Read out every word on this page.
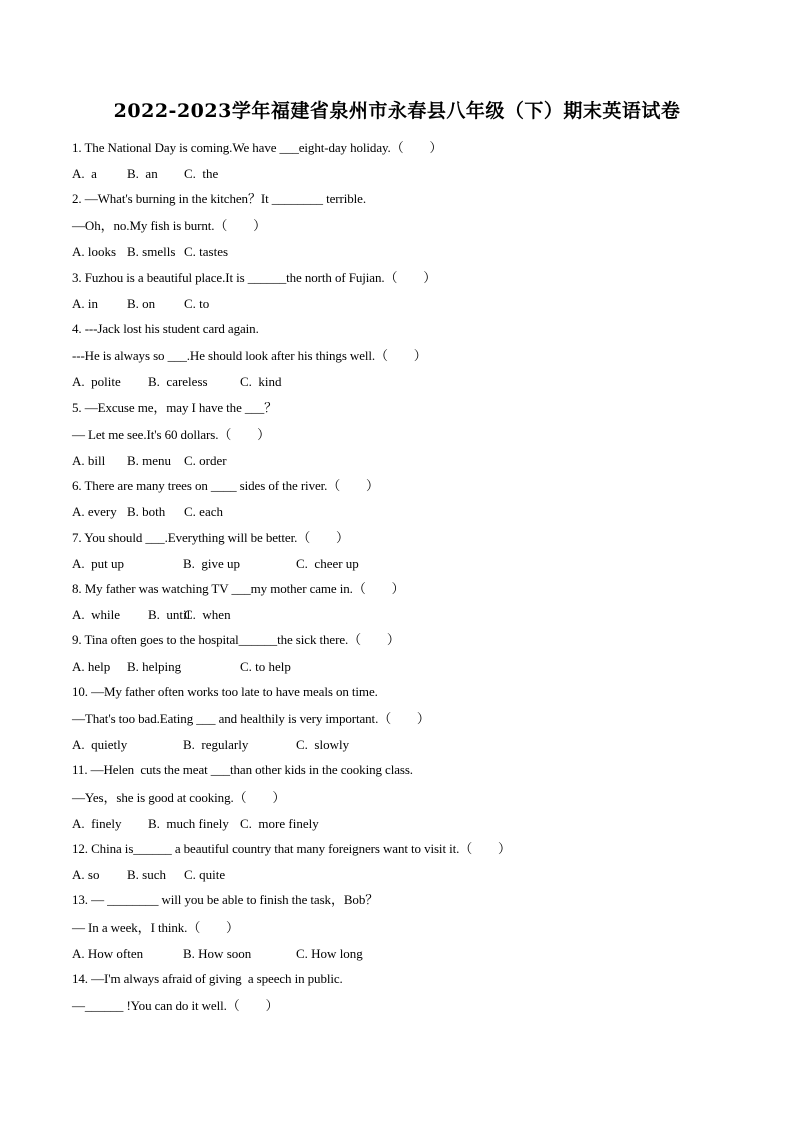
2022-2023学年福建省泉州市永春县八年级（下）期末英语试卷
1. The National Day is coming.We have ___eight-day holiday.（　　）
A.  a B.  an C.  the
2. —What's burning in the kitchen？It ________ terrible.
—Oh，no.My fish is burnt.（　　）
A. looks B. smells C. tastes
3. Fuzhou is a beautiful place.It is ______the north of Fujian.（　　）
A. in B. on C. to
4. ---Jack lost his student card again.
---He is always so ___.He should look after his things well.（　　）
A.  polite B.  careless C.  kind
5. —Excuse me，may I have the ___？
— Let me see.It's 60 dollars.（　　）
A. bill B. menu C. order
6. There are many trees on ____ sides of the river.（　　）
A. every B. both C. each
7. You should ___.Everything will be better.（　　）
A.  put up	B.  give up	C.  cheer up
8. My father was watching TV ___my mother came in.（　　）
A.  while B.  until
C.  when
9. Tina often goes to the hospital______the sick there.（　　）
A. help B. helping	C. to help
10. —My father often works too late to have meals on time.
—That's too bad.Eating ___ and healthily is very important.（　　）
A.  quietly	B.  regularly	C.  slowly
11. —Helen  cuts the meat ___than other kids in the cooking class.
—Yes，she is good at cooking.（　　）
A.  finely B.  much finely C.  more finely
12. China is______ a beautiful country that many foreigners want to visit it.（　　）
A. so B. such C. quite
13. — ________ will you be able to finish the task，Bob？
— In a week，I think.（　　）
A. How often	B. How soon	C. How long
14. —I'm always afraid of giving  a speech in public.
—______ !You can do it well.（　　）
